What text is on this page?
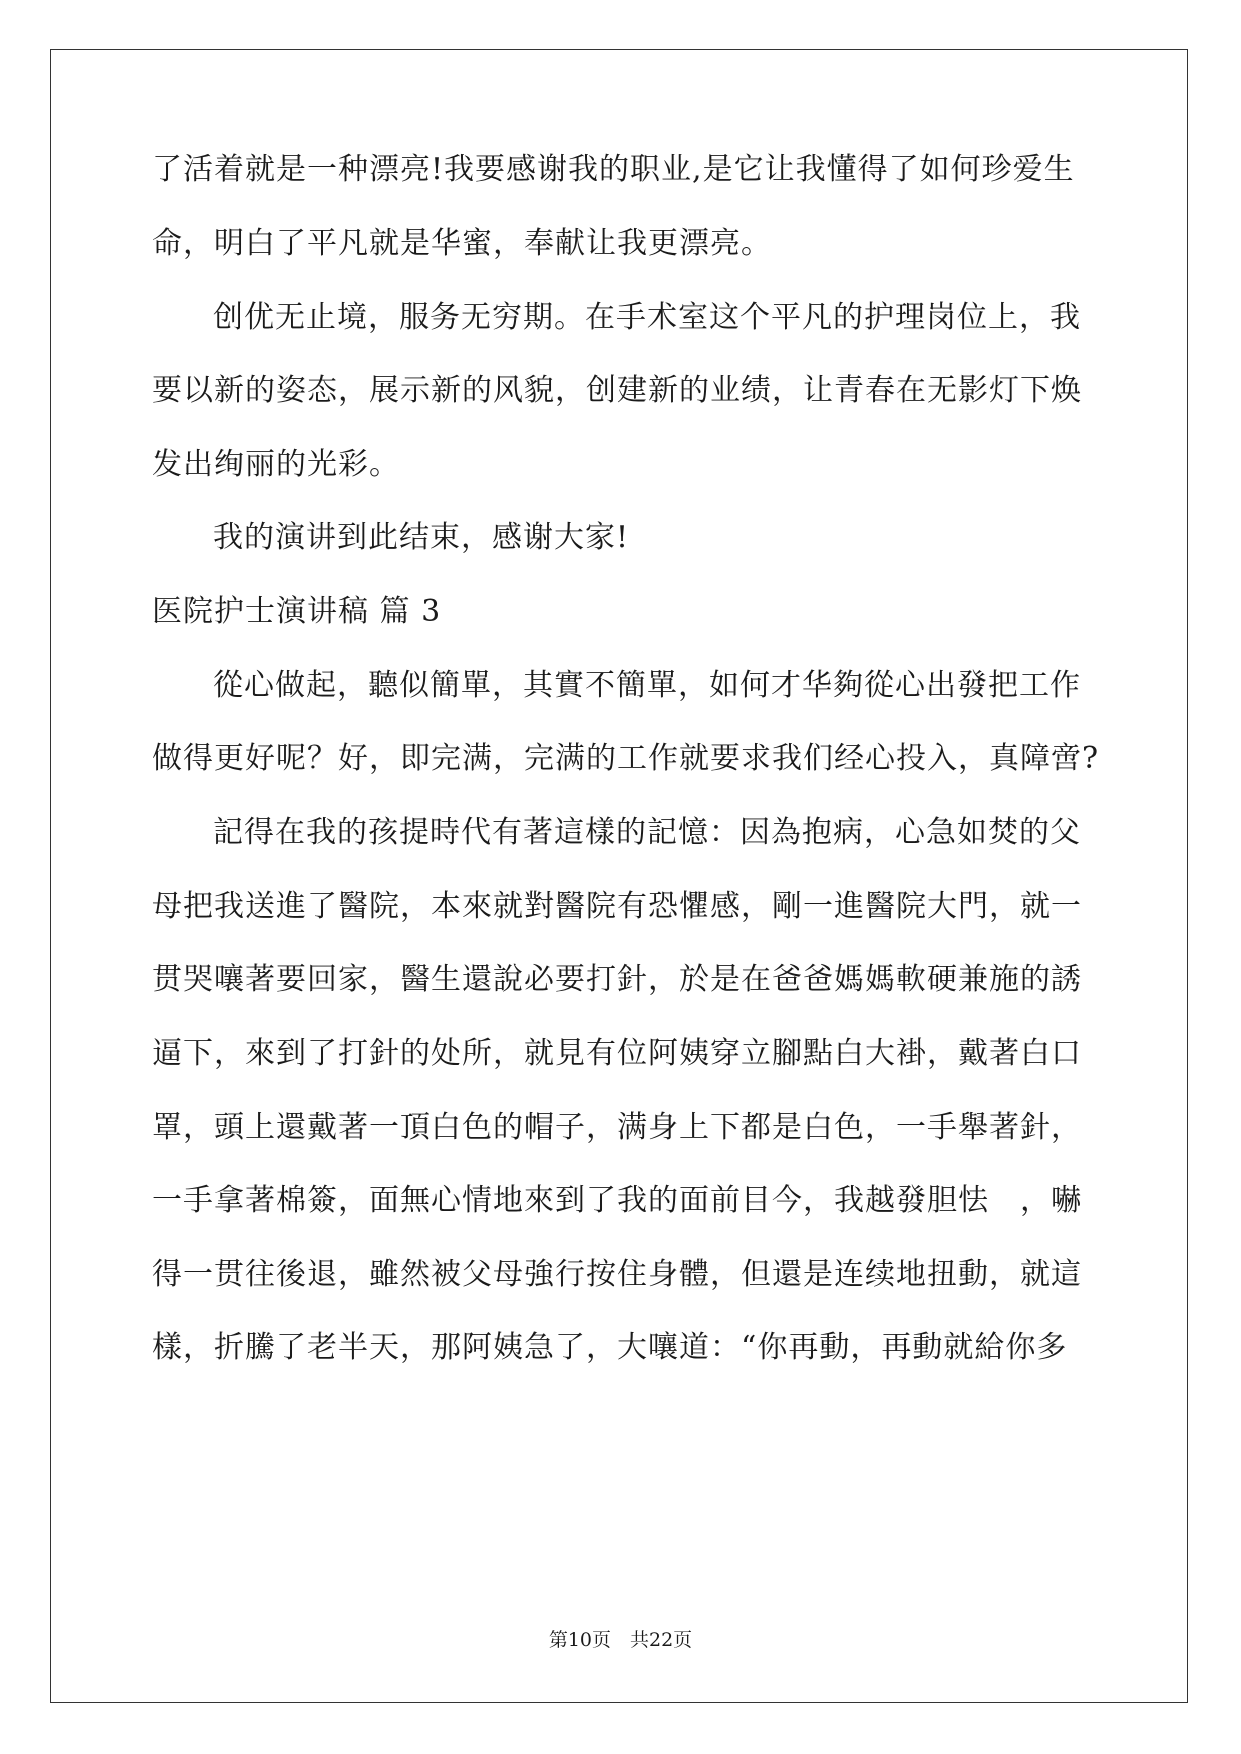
了活着就是一种漂亮!我要感谢我的职业,是它让我懂得了如何珍爱生
命，明白了平凡就是华蜜，奉献让我更漂亮。
创优无止境，服务无穷期。在手术室这个平凡的护理岗位上，我
要以新的姿态，展示新的风貌，创建新的业绩，让青春在无影灯下焕
发出绚丽的光彩。
我的演讲到此结束，感谢大家!
医院护士演讲稿 篇 3
從心做起，聽似簡單，其實不簡單，如何才华夠從心出發把工作
做得更好呢？好，即完满，完满的工作就要求我们经心投入，真障啻?
記得在我的孩提時代有著這樣的記憶：因為抱病，心急如焚的父
母把我送進了醫院，本來就對醫院有恐懼感，剛一進醫院大門，就一
贯哭嚷著要回家，醫生還說必要打針，於是在爸爸媽媽軟硬兼施的誘
逼下，來到了打針的处所，就見有位阿姨穿立腳點白大褂，戴著白口
罩，頭上還戴著一頂白色的帽子，满身上下都是白色，一手舉著針，
一手拿著棉簽，面無心情地來到了我的面前目今，我越發胆怯　，嚇
得一贯往後退，雖然被父母強行按住身體，但還是连续地扭動，就這
樣，折騰了老半天，那阿姨急了，大嚷道：“你再動，再動就給你多
第10页　共22页
